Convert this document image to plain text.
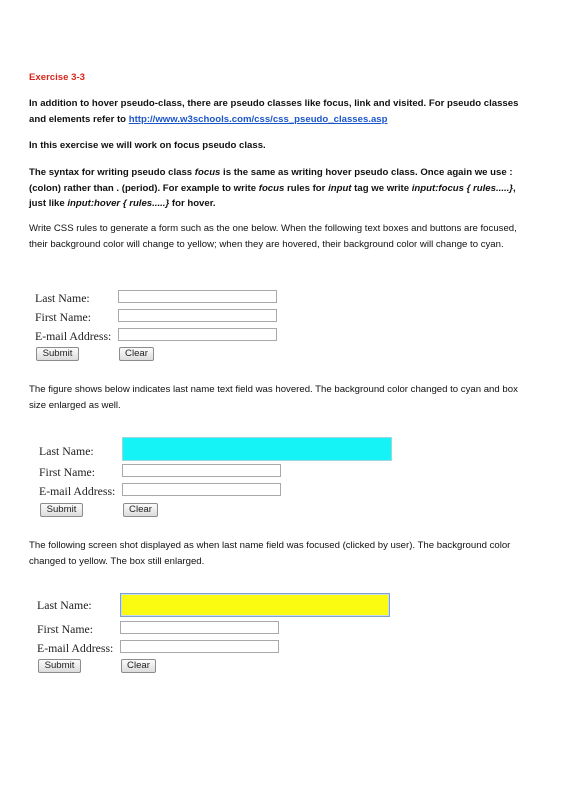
Exercise 3-3

In addition to hover pseudo-class, there are pseudo classes like focus, link and visited. For pseudo classes and elements refer to http://www.w3schools.com/css/css_pseudo_classes.asp

In this exercise we will work on focus pseudo class.

The syntax for writing pseudo class focus is the same as writing hover pseudo class. Once again we use : (colon) rather than . (period). For example to write focus rules for input tag we write input:focus { rules.....}, just like input:hover { rules.....} for hover.

Write CSS rules to generate a form such as the one below. When the following text boxes and buttons are focused, their background color will change to yellow; when they are hovered, their background color will change to cyan.

Last Name:
First Name:
E-mail Address:
Submit	Clear

The figure shows below indicates last name text field was hovered. The background color changed to cyan and box size enlarged as well.

Last Name:
First Name:
E-mail Address:
Submit	Clear

The following screen shot displayed as when last name field was focused (clicked by user). The background color changed to yellow. The box still enlarged.

Last Name:
First Name:
E-mail Address:
Submit	Clear
